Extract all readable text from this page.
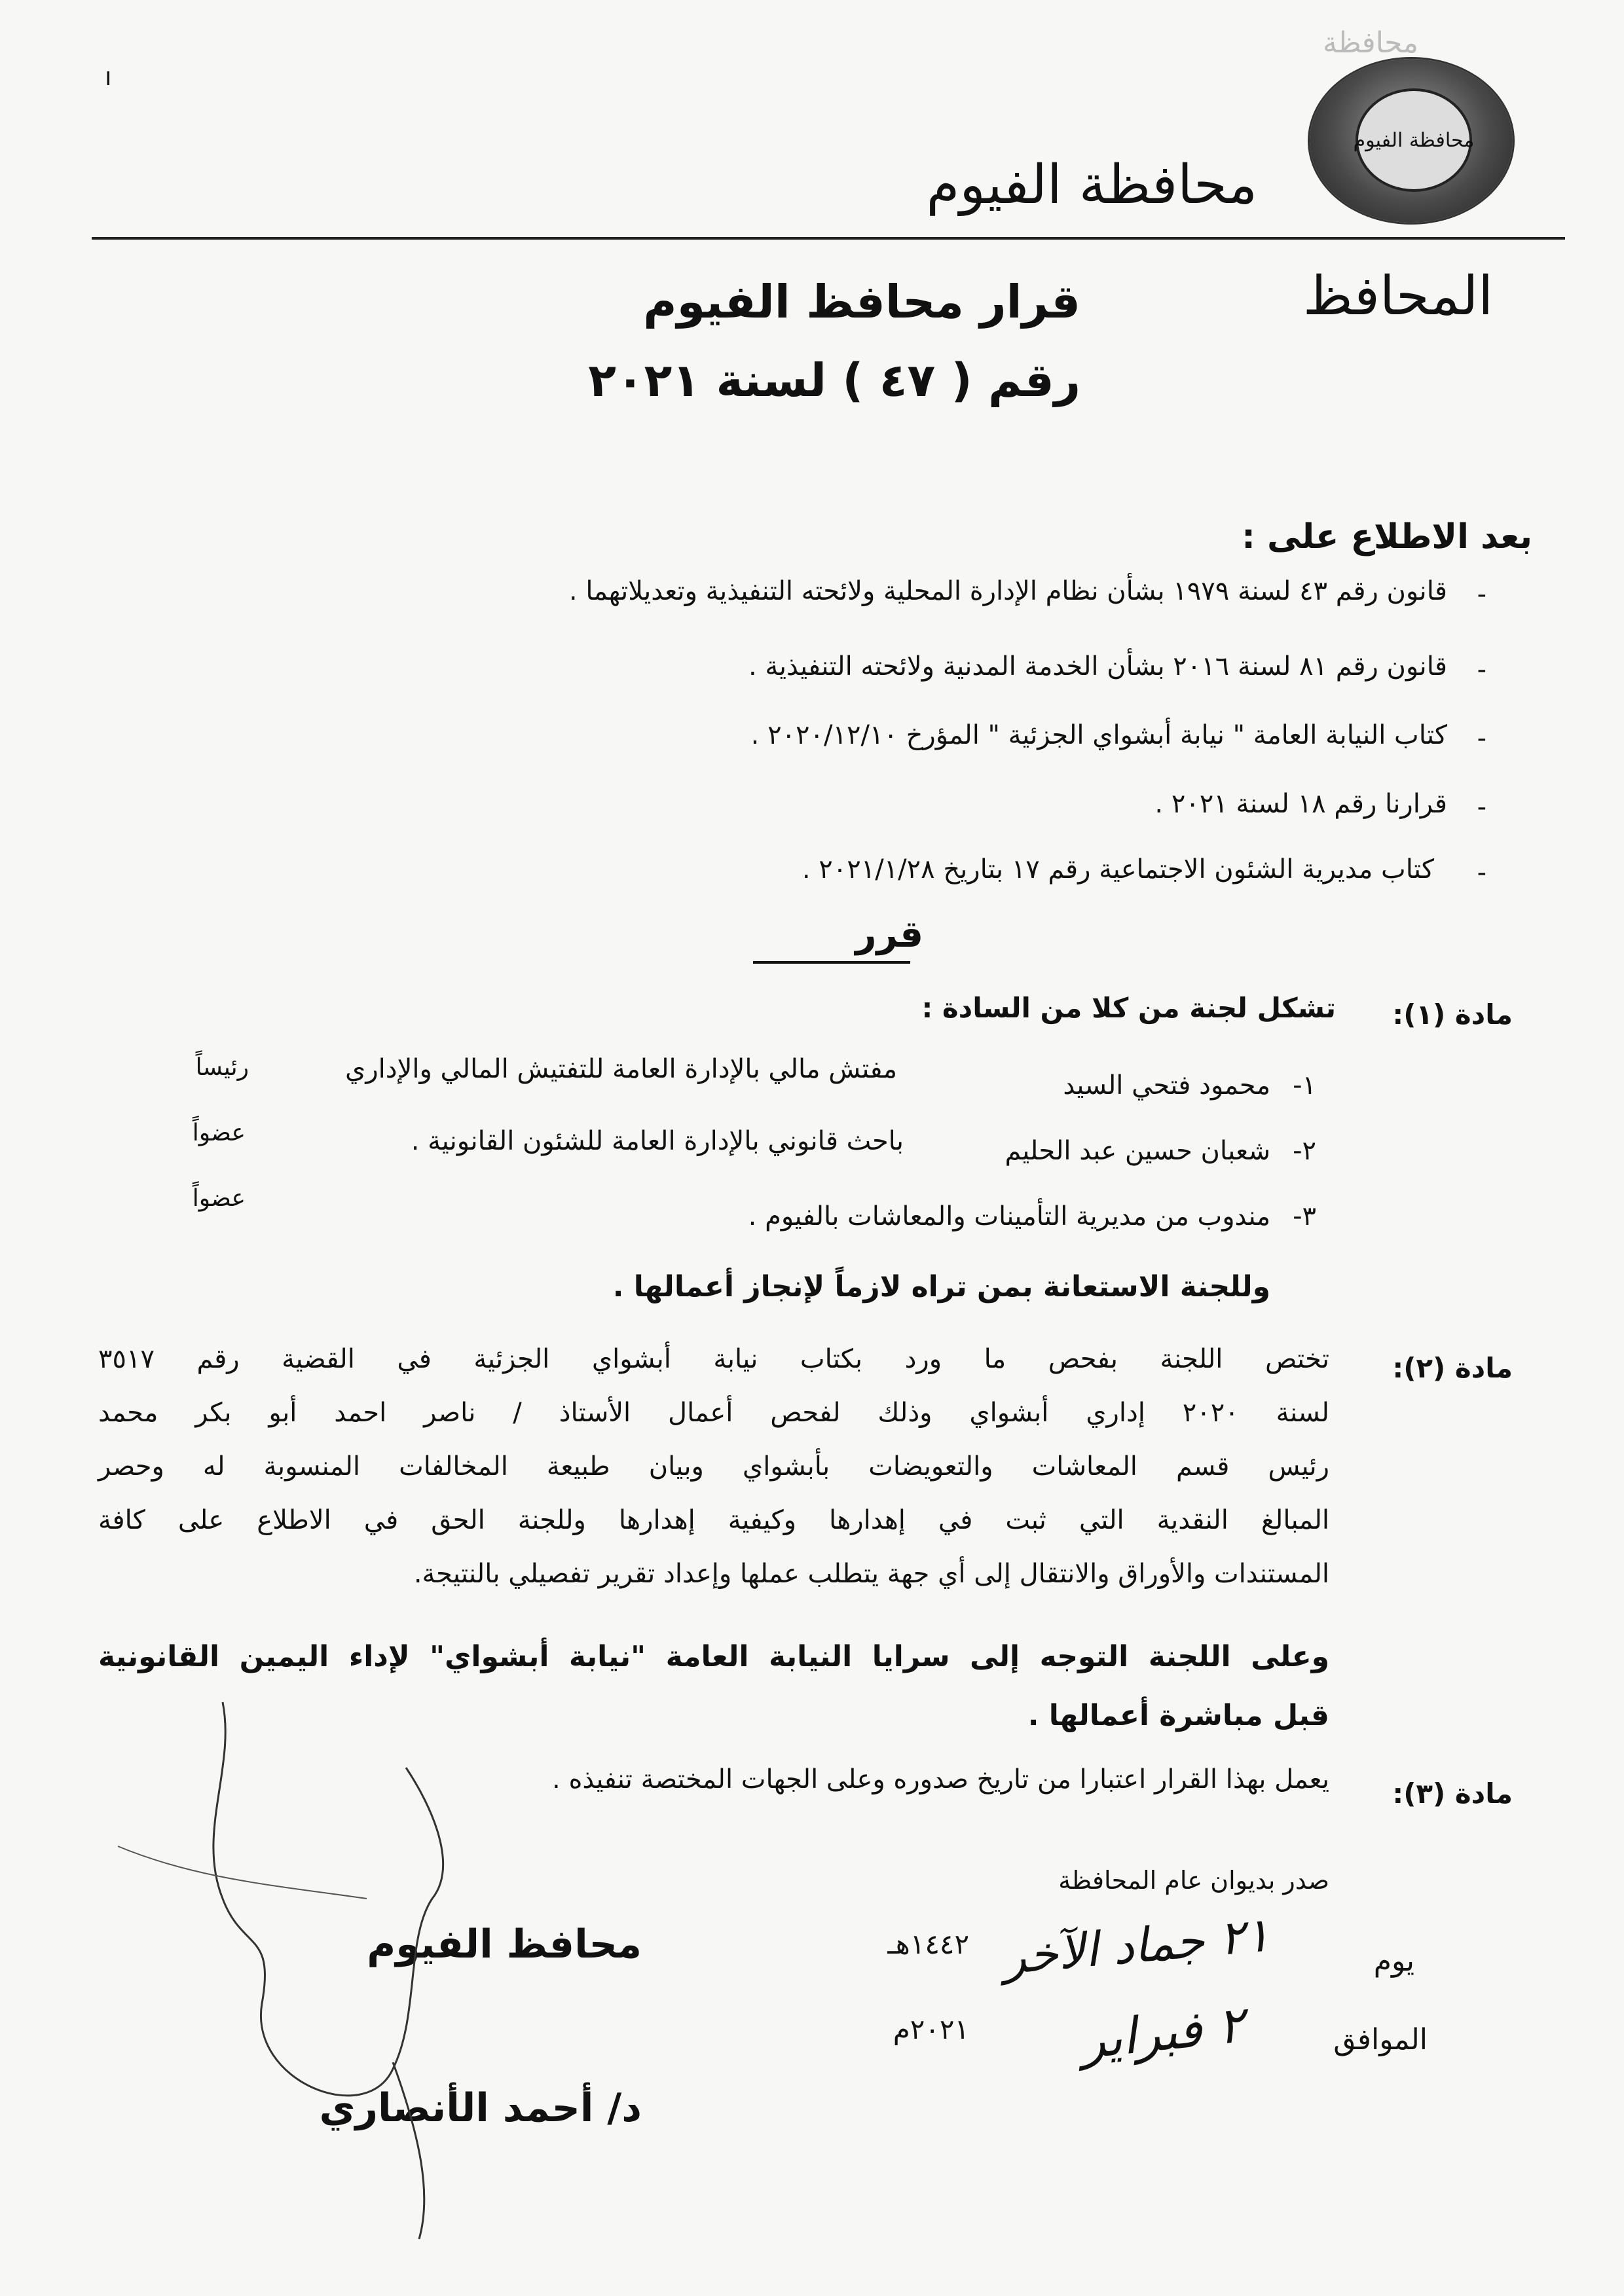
ı
محافظة
محافظة الفيوم
محافظة الفيوم
المحافظ
قرار محافظ الفيوم
رقم ( ٤٧ ) لسنة ٢٠٢١
بعد الاطلاع على :
-
قانون رقم ٤٣ لسنة ١٩٧٩ بشأن نظام الإدارة المحلية ولائحته التنفيذية وتعديلاتهما .
-
قانون رقم ٨١ لسنة ٢٠١٦ بشأن الخدمة المدنية ولائحته التنفيذية .
-
كتاب النيابة العامة " نيابة أبشواي الجزئية " المؤرخ ٢٠٢٠/١٢/١٠ .
-
قرارنا رقم ١٨ لسنة ٢٠٢١ .
-
كتاب مديرية الشئون الاجتماعية رقم ١٧ بتاريخ ٢٠٢١/١/٢٨ .
قرر
مادة (١):
تشكل لجنة من كلا من السادة :
١-
محمود فتحي السيد
مفتش مالي بالإدارة العامة للتفتيش المالي والإداري
رئيساً
٢-
شعبان حسين عبد الحليم
باحث قانوني بالإدارة العامة للشئون القانونية .
عضواً
٣-
مندوب من مديرية التأمينات والمعاشات بالفيوم .
عضواً
وللجنة الاستعانة بمن تراه لازماً لإنجاز أعمالها .
مادة (٢):
تختص اللجنة بفحص ما ورد بكتاب نيابة أبشواي الجزئية في القضية رقم ٣٥١٧
لسنة ٢٠٢٠ إداري أبشواي وذلك لفحص أعمال الأستاذ / ناصر احمد أبو بكر محمد
رئيس قسم المعاشات والتعويضات بأبشواي وبيان طبيعة المخالفات المنسوبة له وحصر
المبالغ النقدية التي ثبت في إهدارها وكيفية إهدارها وللجنة الحق في الاطلاع على كافة
المستندات والأوراق والانتقال إلى أي جهة يتطلب عملها وإعداد تقرير تفصيلي بالنتيجة.
وعلى اللجنة التوجه إلى سرايا النيابة العامة "نيابة أبشواي" لإداء اليمين القانونية
قبل مباشرة أعمالها .
مادة (٣):
يعمل بهذا القرار اعتبارا من تاريخ صدوره وعلى الجهات المختصة تنفيذه .
صدر بديوان عام المحافظة
يوم
٢١ جماد الآخر
١٤٤٢هـ
الموافق
٢ فبراير
٢٠٢١م
محافظ الفيوم
د/ أحمد الأنصاري
